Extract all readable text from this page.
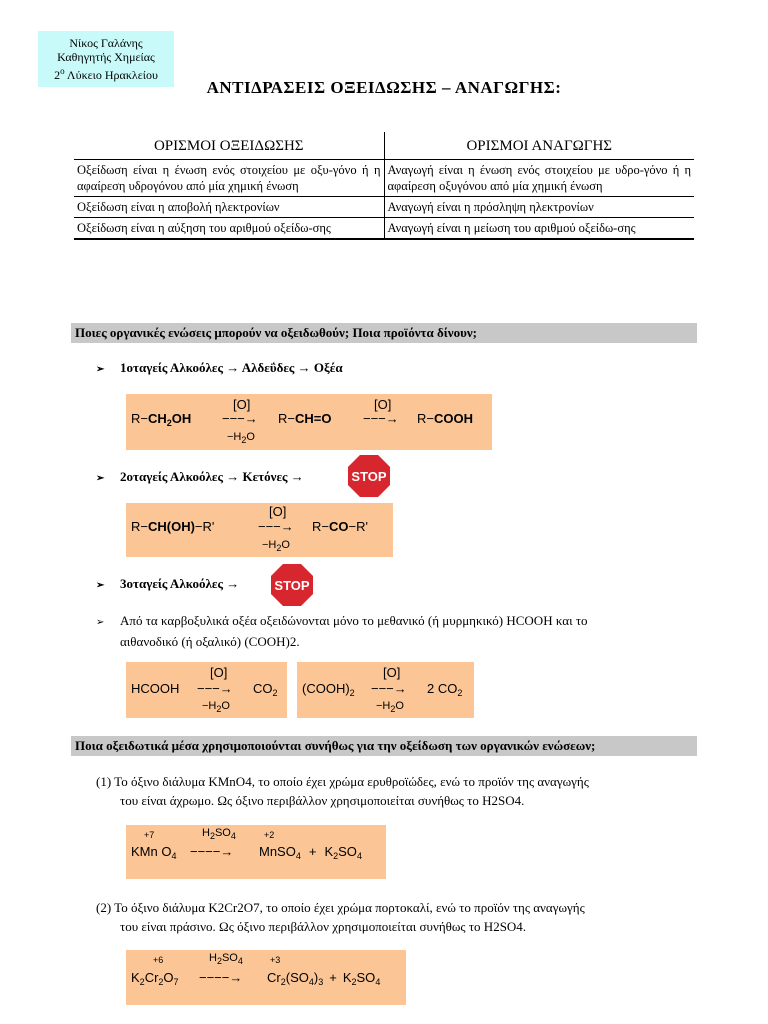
Νίκος Γαλάνης
Καθηγητής Χημείας
$2^o$ Λύκειο Ηρακλείου
ΑΝΤΙΔΡΑΣΕΙΣ ΟΞΕΙΔΩΣΗΣ – ΑΝΑΓΩΓΗΣ:
ΟΡΙΣΜΟΙ ΟΞΕΙΔΩΣΗΣ	ΟΡΙΣΜΟΙ ΑΝΑΓΩΓΗΣ
Οξείδωση είναι η ένωση ενός στοιχείου με οξυ-γόνο ή η αφαίρεση υδρογόνου από μία χημική ένωση	Αναγωγή είναι η ένωση ενός στοιχείου με υδρο-γόνο ή η αφαίρεση οξυγόνου από μία χημική ένωση
Οξείδωση είναι η αποβολή ηλεκτρονίων	Αναγωγή είναι η πρόσληψη ηλεκτρονίων
Οξείδωση είναι η αύξηση του αριθμού οξείδω-σης	Αναγωγή είναι η μείωση του αριθμού οξείδω-σης
Ποιες οργανικές ενώσεις μπορούν να οξειδωθούν; Ποια προϊόντα δίνουν;
➢ 1οταγείς Αλκοόλες → Αλδεΰδες → Οξέα
$R-CH_2OH$
[O]
−−−→
$-H_2O$
R−CH=O
[O]
−−−→ R−COOH
➢ 2οταγείς Αλκοόλες → Κετόνες →	STOP
R−CH(OH)−R'
[O]
−−−→
$-H_2O$
R−CO−R'
➢ 3οταγείς Αλκοόλες →	STOP
➢ Από τα καρβοξυλικά οξέα οξειδώνονται μόνο το μεθανικό (ή μυρμηκικό) HCOOH και το
αιθανοδικό (ή οξαλικό) (COOH)2.
HCOOH
[O]
−−−→
$-H_2O$
$CO_2$ $(COOH)_2$
[O]
−−−→
$-H_2O$
2 $CO_2$
Ποια οξειδωτικά μέσα χρησιμοποιούνται συνήθως για την οξείδωση των οργανικών ενώσεων;
(1) Το όξινο διάλυμα KMnO4, το οποίο έχει χρώμα ερυθροϊώδες, ενώ το προϊόν της αναγωγής
του είναι άχρωμο. Ως όξινο περιβάλλον χρησιμοποιείται συνήθως το H2SO4.
+7	$H_2SO_4$	+2
KMn $O_4$ −−−−→ MnSO$_4$ + $K_2SO_4$
(2) Το όξινο διάλυμα K2Cr2O7, το οποίο έχει χρώμα πορτοκαλί, ενώ το προϊόν της αναγωγής
του είναι πράσινο. Ως όξινο περιβάλλον χρησιμοποιείται συνήθως το H2SO4.
+6	$H_2SO_4$	+3
$K_2Cr_2O_7$ −−−−→ $Cr_2(SO_4)_3 + K_2SO_4$
